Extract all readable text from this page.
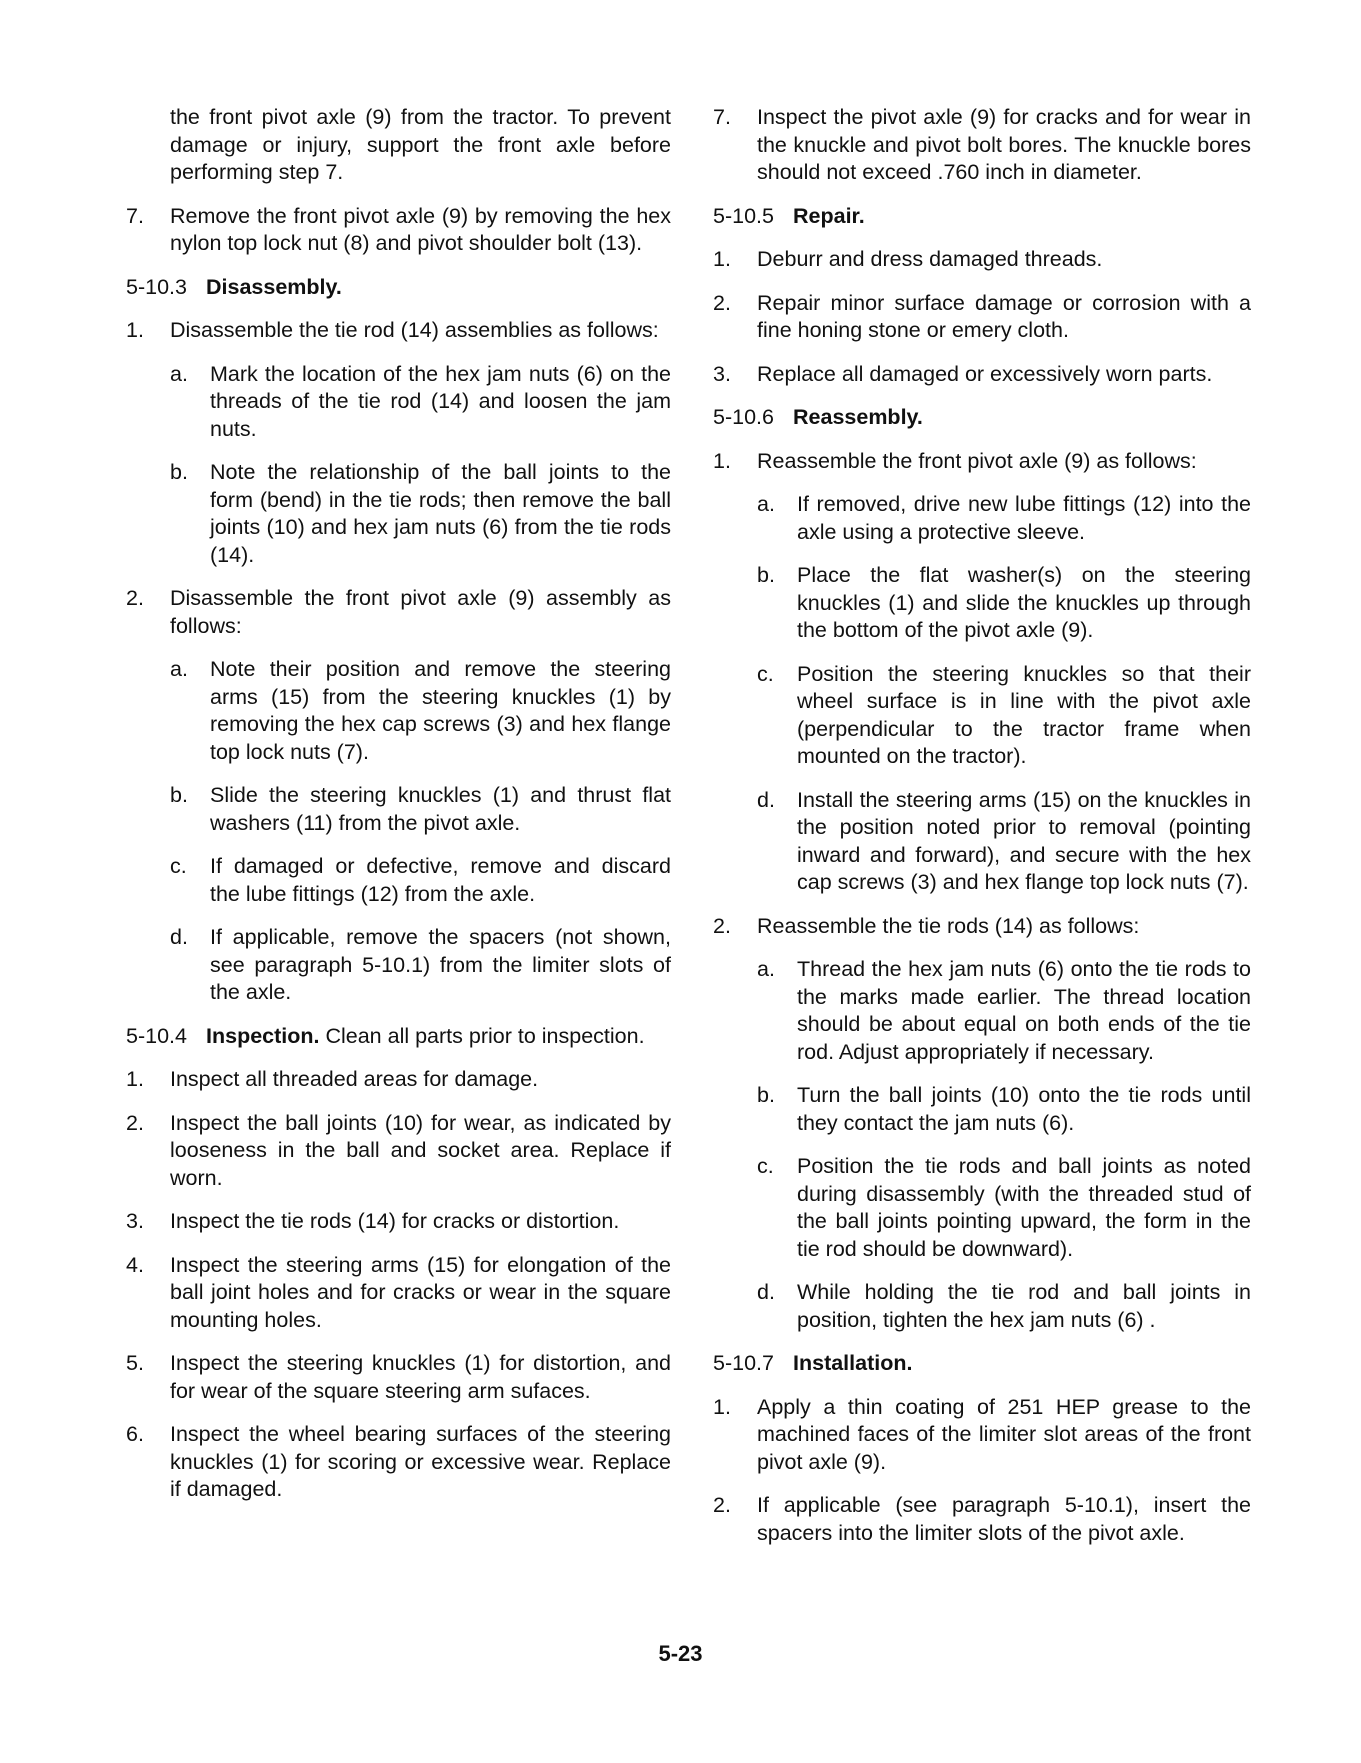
the front pivot axle (9) from the tractor. To prevent damage or injury, support the front axle before performing step 7.
7.	Remove the front pivot axle (9) by removing the hex nylon top lock nut (8) and pivot shoulder bolt (13).
5-10.3 Disassembly.
1.	Disassemble the tie rod (14) assemblies as follows:
a.	Mark the location of the hex jam nuts (6) on the threads of the tie rod (14) and loosen the jam nuts.
b.	Note the relationship of the ball joints to the form (bend) in the tie rods; then remove the ball joints (10) and hex jam nuts (6) from the tie rods (14).
2.	Disassemble the front pivot axle (9) assembly as follows:
a.	Note their position and remove the steering arms (15) from the steering knuckles (1) by removing the hex cap screws (3) and hex flange top lock nuts (7).
b.	Slide the steering knuckles (1) and thrust flat washers (11) from the pivot axle.
c.	If damaged or defective, remove and discard the lube fittings (12) from the axle.
d.	If applicable, remove the spacers (not shown, see paragraph 5-10.1) from the limiter slots of the axle.
5-10.4 Inspection. Clean all parts prior to inspection.
1.	Inspect all threaded areas for damage.
2.	Inspect the ball joints (10) for wear, as indicated by looseness in the ball and socket area. Replace if worn.
3.	Inspect the tie rods (14) for cracks or distortion.
4.	Inspect the steering arms (15) for elongation of the ball joint holes and for cracks or wear in the square mounting holes.
5.	Inspect the steering knuckles (1) for distortion, and for wear of the square steering arm sufaces.
6.	Inspect the wheel bearing surfaces of the steering knuckles (1) for scoring or excessive wear. Replace if damaged.
7.	Inspect the pivot axle (9) for cracks and for wear in the knuckle and pivot bolt bores. The knuckle bores should not exceed .760 inch in diameter.
5-10.5 Repair.
1.	Deburr and dress damaged threads.
2.	Repair minor surface damage or corrosion with a fine honing stone or emery cloth.
3.	Replace all damaged or excessively worn parts.
5-10.6 Reassembly.
1.	Reassemble the front pivot axle (9) as follows:
a.	If removed, drive new lube fittings (12) into the axle using a protective sleeve.
b.	Place the flat washer(s) on the steering knuckles (1) and slide the knuckles up through the bottom of the pivot axle (9).
c.	Position the steering knuckles so that their wheel surface is in line with the pivot axle (perpendicular to the tractor frame when mounted on the tractor).
d.	Install the steering arms (15) on the knuckles in the position noted prior to removal (pointing inward and forward), and secure with the hex cap screws (3) and hex flange top lock nuts (7).
2.	Reassemble the tie rods (14) as follows:
a.	Thread the hex jam nuts (6) onto the tie rods to the marks made earlier. The thread location should be about equal on both ends of the tie rod. Adjust appropriately if necessary.
b.	Turn the ball joints (10) onto the tie rods until they contact the jam nuts (6).
c.	Position the tie rods and ball joints as noted during disassembly (with the threaded stud of the ball joints pointing upward, the form in the tie rod should be downward).
d.	While holding the tie rod and ball joints in position, tighten the hex jam nuts (6) .
5-10.7 Installation.
1.	Apply a thin coating of 251 HEP grease to the machined faces of the limiter slot areas of the front pivot axle (9).
2.	If applicable (see paragraph 5-10.1), insert the spacers into the limiter slots of the pivot axle.
5-23
